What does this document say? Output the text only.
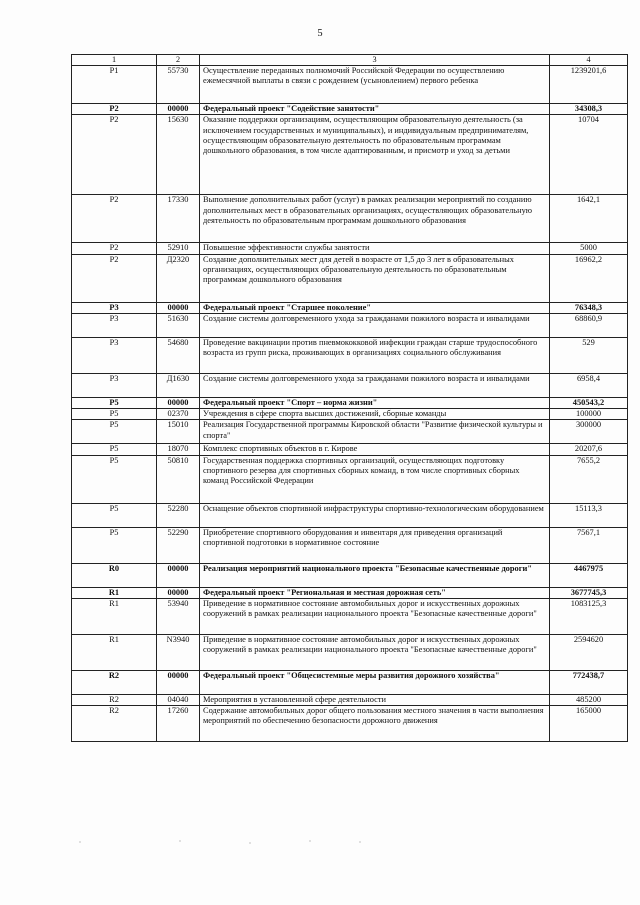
5
1	2	3	4
P1	55730	Осуществление переданных полномочий Российской Федерации по осуществлению ежемесячной выплаты в связи с рождением (усыновлением) первого ребенка	1239201,6
P2	00000	Федеральный проект "Содействие занятости"	34308,3
P2	15630	Оказание поддержки организациям, осуществляющим образовательную деятельность (за исключением государственных и муниципальных), и индивидуальным предпринимателям, осуществляющим образовательную деятельность по образовательным программам дошкольного образования, в том числе адаптированным, и присмотр и уход за детьми	10704
P2	17330	Выполнение дополнительных работ (услуг) в рамках реализации мероприятий по созданию дополнительных мест в образовательных организациях, осуществляющих образовательную деятельность по образовательным программам дошкольного образования	1642,1
P2	52910	Повышение эффективности службы занятости	5000
P2	Д2320	Создание дополнительных мест для детей в возрасте от 1,5 до 3 лет в образовательных организациях, осуществляющих образовательную деятельность по образовательным программам дошкольного образования	16962,2
P3	00000	Федеральный проект "Старшее поколение"	76348,3
P3	51630	Создание системы долговременного ухода за гражданами пожилого возраста и инвалидами	68860,9
P3	54680	Проведение вакцинации против пневмококковой инфекции граждан старше трудоспособного возраста из групп риска, проживающих в организациях социального обслуживания	529
P3	Д1630	Создание системы долговременного ухода за гражданами пожилого возраста и инвалидами	6958,4
P5	00000	Федеральный проект "Спорт – норма жизни"	450543,2
P5	02370	Учреждения в сфере спорта высших достижений, сборные команды	100000
P5	15010	Реализация Государственной программы Кировской области "Развитие физической культуры и спорта"	300000
P5	18070	Комплекс спортивных объектов в г. Кирове	20207,6
P5	50810	Государственная поддержка спортивных организаций, осуществляющих подготовку спортивного резерва для спортивных сборных команд, в том числе спортивных сборных команд Российской Федерации	7655,2
P5	52280	Оснащение объектов спортивной инфраструктуры спортивно-технологическим оборудованием	15113,3
P5	52290	Приобретение спортивного оборудования и инвентаря для приведения организаций спортивной подготовки в нормативное состояние	7567,1
R0	00000	Реализация мероприятий национального проекта "Безопасные качественные дороги"	4467975
R1	00000	Федеральный проект "Региональная и местная дорожная сеть"	3677745,3
R1	53940	Приведение в нормативное состояние автомобильных дорог и искусственных дорожных сооружений в рамках реализации национального проекта "Безопасные качественные дороги"	1083125,3
R1	N3940	Приведение в нормативное состояние автомобильных дорог и искусственных дорожных сооружений в рамках реализации национального проекта "Безопасные качественные дороги"	2594620
R2	00000	Федеральный проект "Общесистемные меры развития дорожного хозяйства"	772438,7
R2	04040	Мероприятия в установленной сфере деятельности	485200
R2	17260	Содержание автомобильных дорог общего пользования местного значения в части выполнения мероприятий по обеспечению безопасности дорожного движения	165000
